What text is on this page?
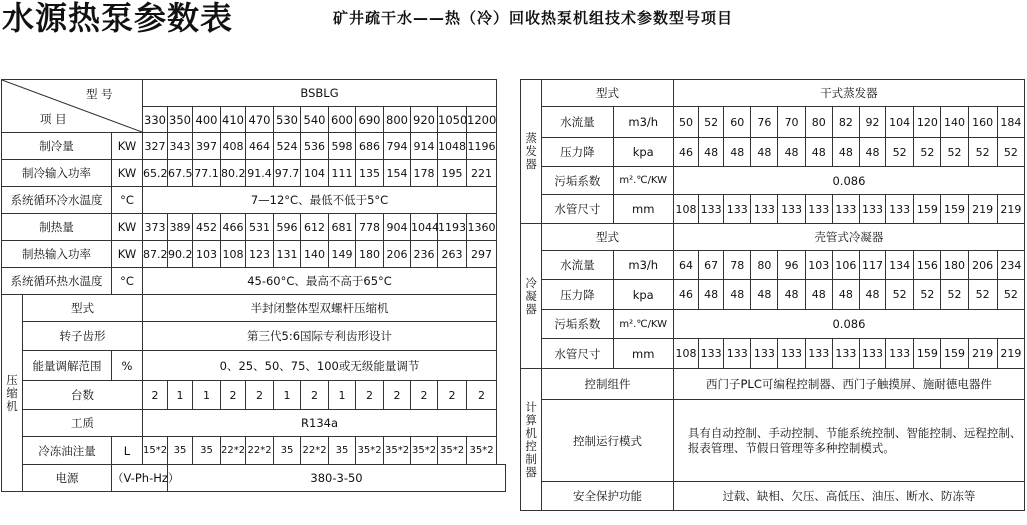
水源热泵参数表	矿井疏干水——热（冷）回收热泵机组技术参数型号项目
型 号
项 目			BSBLG												
			330	350	400	410	470	530	540	600	690	800	920	1050	1200
制冷量		KW	327	343	397	408	464	524	536	598	686	794	914	1048	1196
制冷输入功率		KW	65.2	67.5	77.1	80.2	91.4	97.7	104	111	135	154	178	195	221
系统循环冷水温度		°C	7—12°C、最低不低于5°C												
制热量		KW	373	389	452	466	531	596	612	681	778	904	1044	1193	1360
制热输入功率		KW	87.2	90.2	103	108	123	131	140	149	180	206	236	263	297
系统循环热水温度		°C	45-60°C、最高不高于65°C												
压缩机	型式		半封闭整体型双螺杆压缩机												
	转子齿形		第三代5:6国际专利齿形设计												
	能量调解范围	%	0、25、50、75、100或无级能量调节												
	台数		2	1	1	2	2	1	2	1	2	2	2	2	2
	工质		R134a												
	冷冻油注量	L	15*2	35	35	22*2	22*2	35	22*2	35	35*2	35*2	35*2	35*2	35*2
	电源	（V-Ph-Hz）		380-3-50											
蒸发器	型式		干式蒸发器												
	水流量	m3/h	50	52	60	76	70	80	82	92	104	120	140	160	184
	压力降	kpa	46	48	48	48	48	48	48	48	52	52	52	52	52
	污垢系数	m².℃/KW	0.086												
	水管尺寸	mm	108	133	133	133	133	133	133	133	133	159	159	219	219
冷凝器	型式		壳管式冷凝器												
	水流量	m3/h	64	67	78	80	96	103	106	117	134	156	180	206	234
	压力降	kpa	46	48	48	48	48	48	48	48	52	52	52	52	52
	污垢系数	m².℃/KW	0.086												
	水管尺寸	mm	108	133	133	133	133	133	133	133	133	159	159	219	219
计算机控制器	控制组件		西门子PLC可编程控制器、西门子触摸屏、施耐德电器件												
	控制运行模式		具有自动控制、手动控制、节能系统控制、智能控制、远程控制、报表管理、节假日管理等多种控制模式。												
	安全保护功能		过载、缺相、欠压、高低压、油压、断水、防冻等												
